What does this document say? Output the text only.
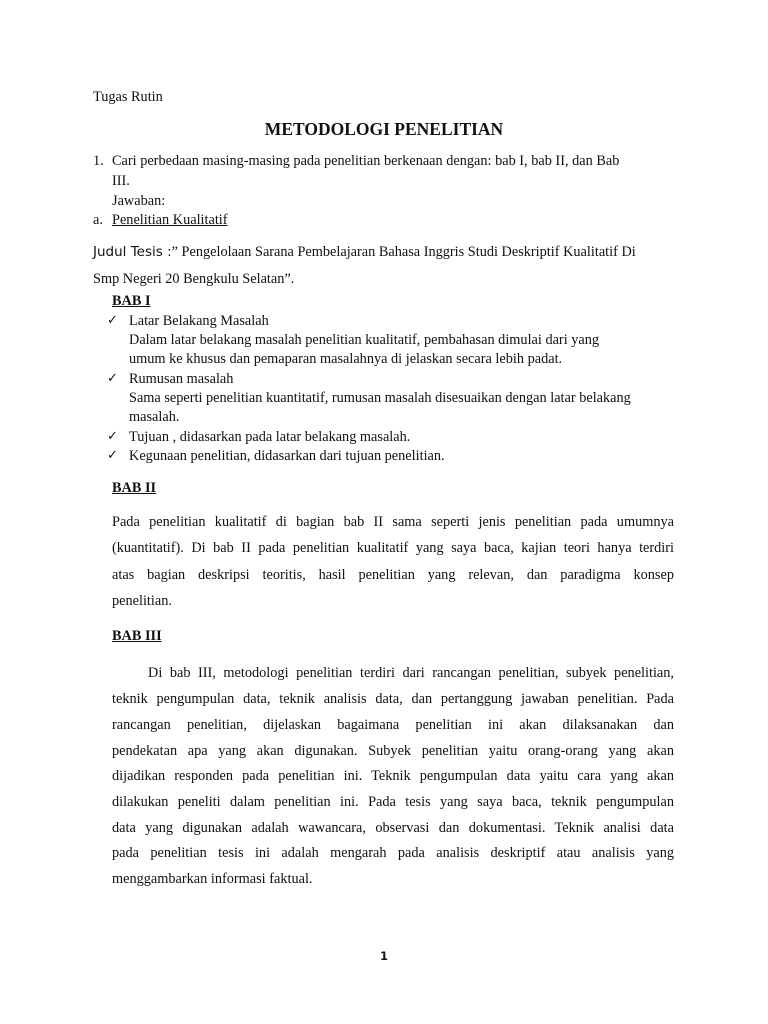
Tugas Rutin
METODOLOGI PENELITIAN
1. Cari perbedaan masing-masing pada penelitian berkenaan dengan: bab I, bab II, dan Bab
III.
Jawaban:
a. Penelitian Kualitatif
Judul Tesis :” Pengelolaan Sarana Pembelajaran Bahasa Inggris Studi Deskriptif Kualitatif Di
Smp Negeri 20 Bengkulu Selatan”.
BAB I
✓ Latar Belakang Masalah
Dalam latar belakang masalah penelitian kualitatif, pembahasan dimulai dari yang
umum ke khusus dan pemaparan masalahnya di jelaskan secara lebih padat.
✓ Rumusan masalah
Sama seperti penelitian kuantitatif, rumusan masalah disesuaikan dengan latar belakang
masalah.
✓ Tujuan , didasarkan pada latar belakang masalah.
✓ Kegunaan penelitian, didasarkan dari tujuan penelitian.
BAB II
Pada penelitian kualitatif di bagian bab II sama seperti jenis penelitian pada umumnya
(kuantitatif). Di bab II pada penelitian kualitatif yang saya baca, kajian teori hanya terdiri
atas bagian deskripsi teoritis, hasil penelitian yang relevan, dan paradigma konsep
penelitian.
BAB III
Di bab III, metodologi penelitian terdiri dari rancangan penelitian, subyek penelitian,
teknik pengumpulan data, teknik analisis data, dan pertanggung jawaban penelitian. Pada
rancangan penelitian, dijelaskan bagaimana penelitian ini akan dilaksanakan dan
pendekatan apa yang akan digunakan. Subyek penelitian yaitu orang-orang yang akan
dijadikan responden pada penelitian ini. Teknik pengumpulan data yaitu cara yang akan
dilakukan peneliti dalam penelitian ini. Pada tesis yang saya baca, teknik pengumpulan
data yang digunakan adalah wawancara, observasi dan dokumentasi. Teknik analisi data
pada penelitian tesis ini adalah mengarah pada analisis deskriptif atau analisis yang
menggambarkan informasi faktual.
1
